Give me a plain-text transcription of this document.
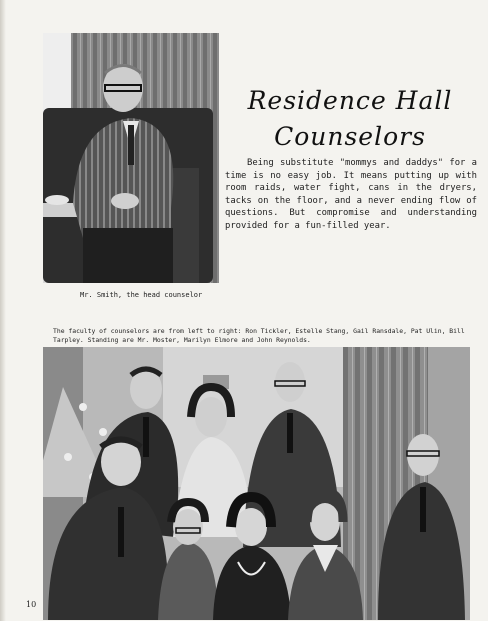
Residence Hall
Counselors

Being substitute "mommys and daddys" for a time is no easy job. It means putting up with room raids, water fight, cans in the dryers, tacks on the floor, and a never ending flow of questions. But compromise and understanding provided for a fun-filled year.

Mr. Smith, the head counselor

The faculty of counselors are from left to right: Ron Tickler, Estelle Stang, Gail Ransdale, Pat Ulin, Bill Tarpley. Standing are Mr. Moster, Marilyn Elmore and John Reynolds.

10
